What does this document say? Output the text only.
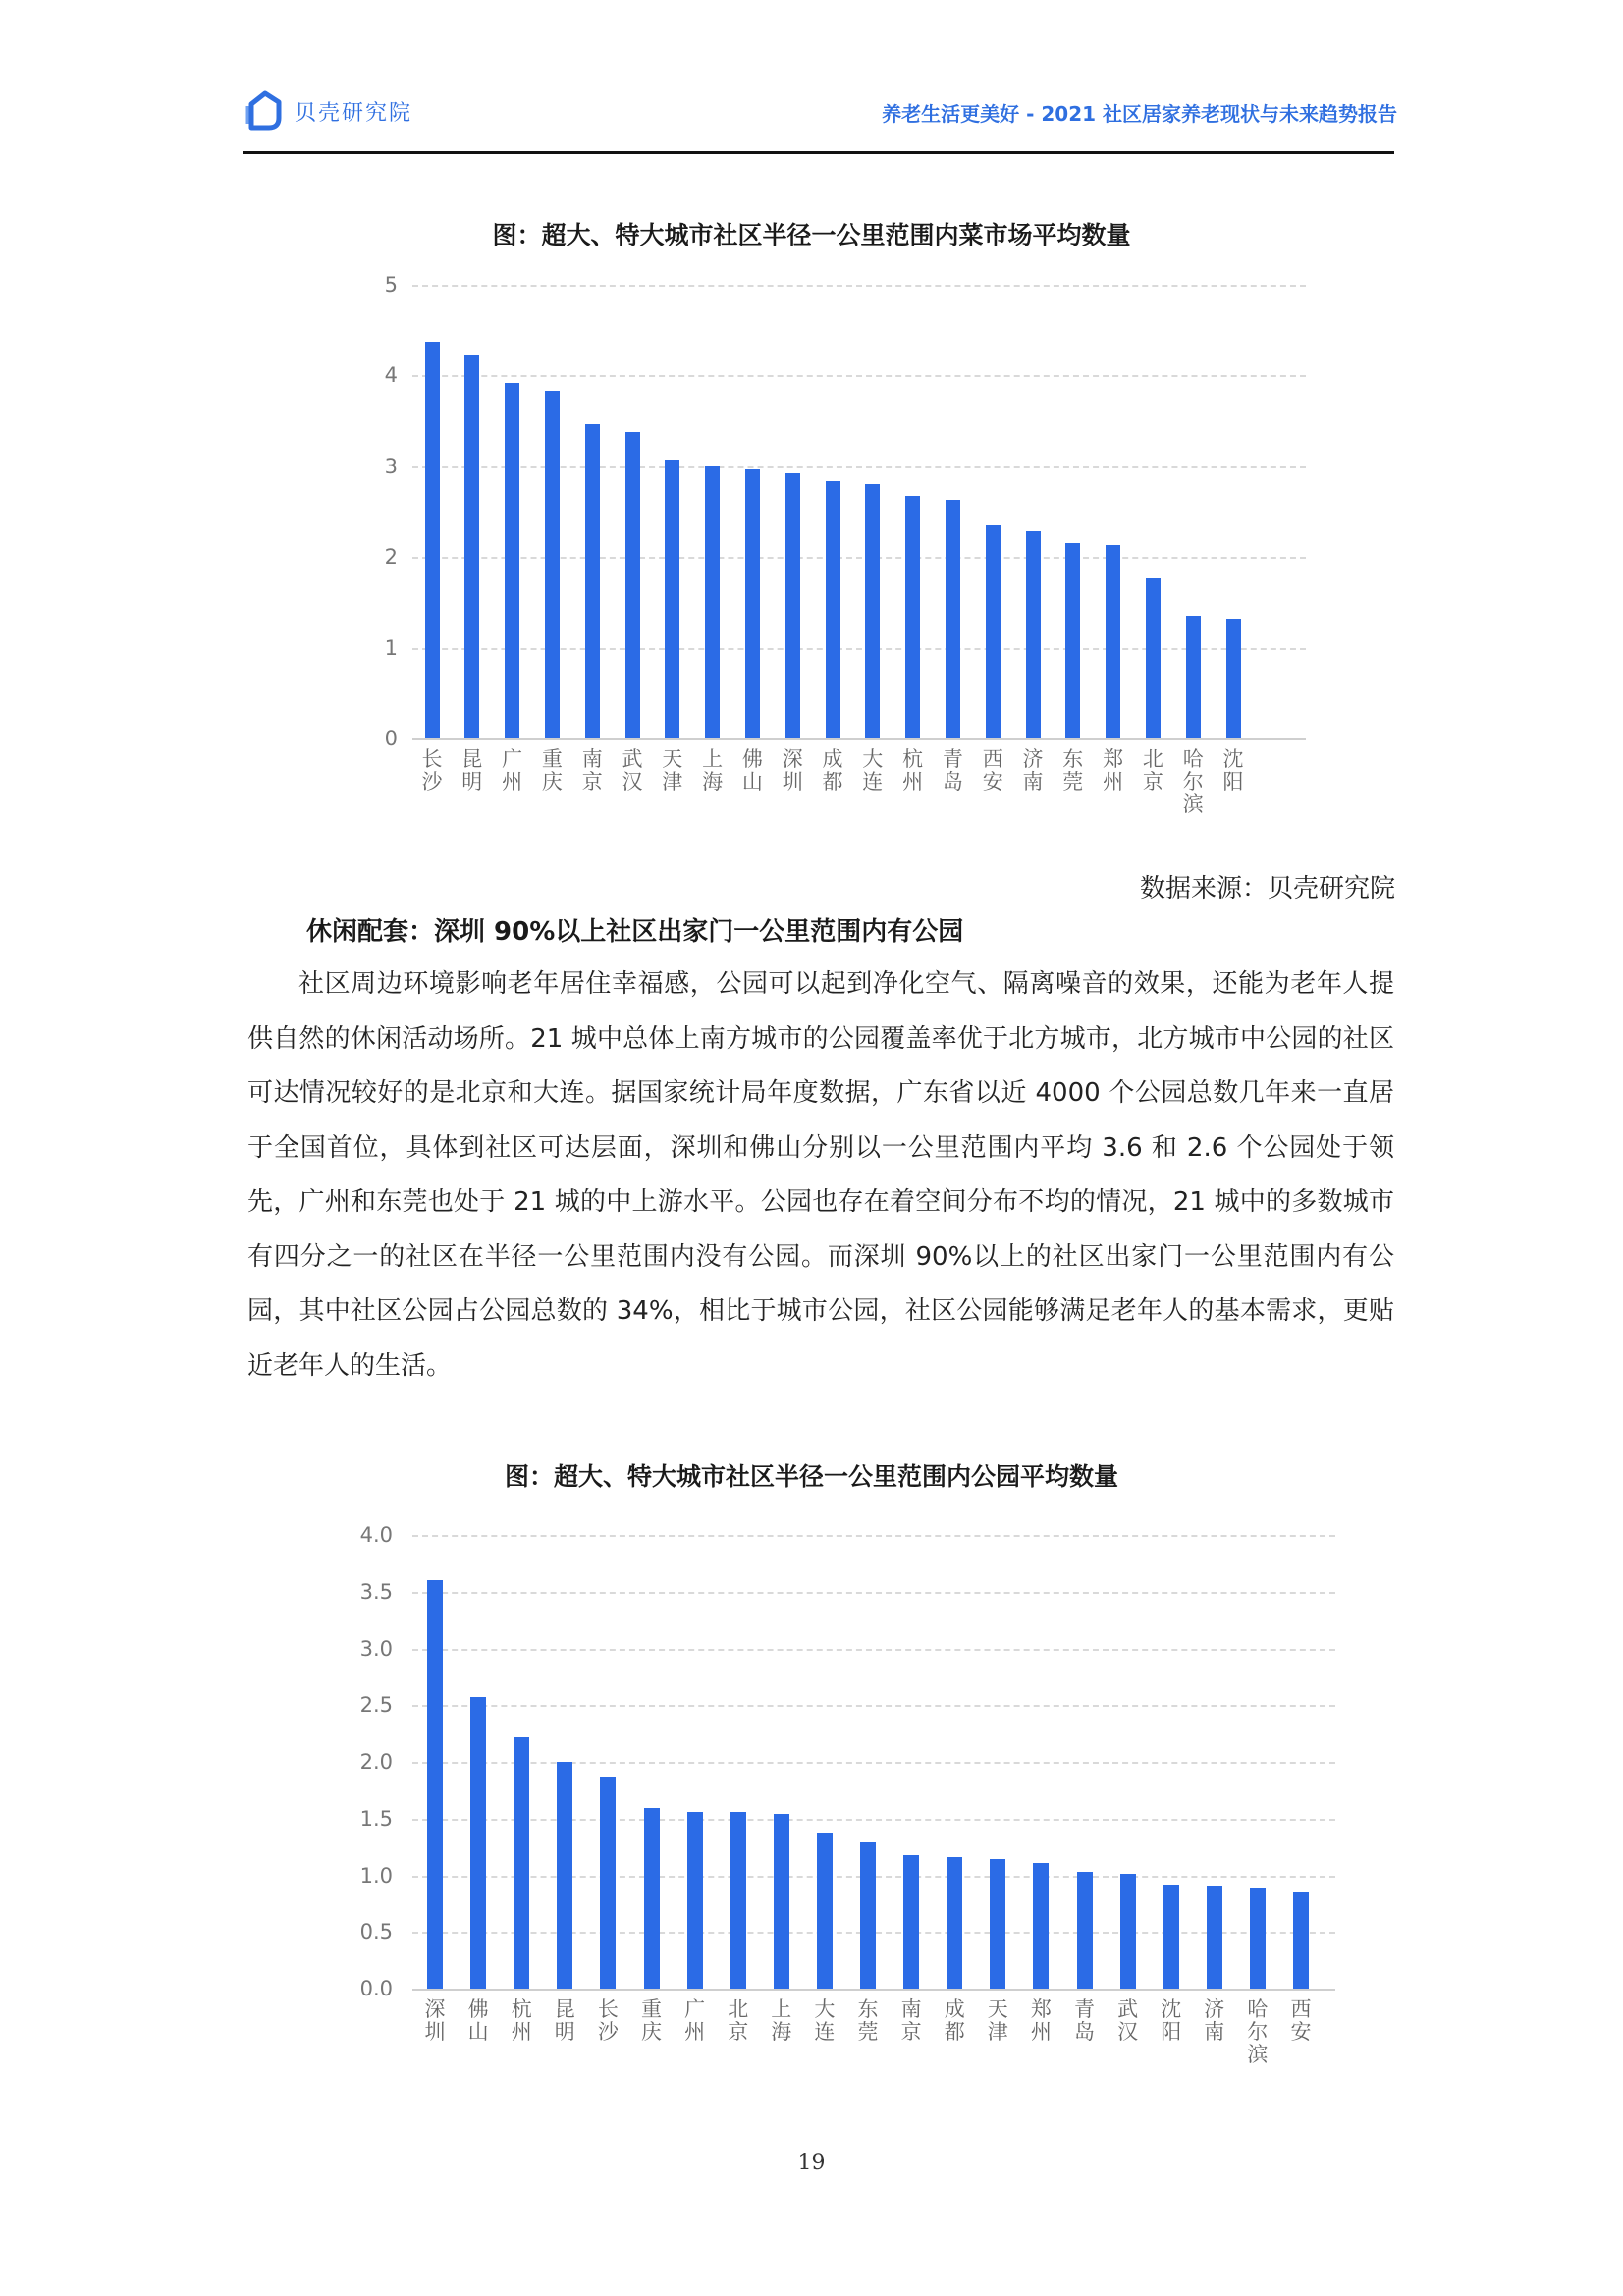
贝壳研究院	养老生活更美好 - 2021 社区居家养老现状与未来趋势报告
图：超大、特大城市社区半径一公里范围内菜市场平均数量
0
1
2
3
4
5
长沙
昆明
广州
重庆
南京
武汉
天津
上海
佛山
深圳
成都
大连
杭州
青岛
西安
济南
东莞
郑州
北京
哈尔滨
沈阳
数据来源：贝壳研究院
休闲配套：深圳 90%以上社区出家门一公里范围内有公园

社区周边环境影响老年居住幸福感，公园可以起到净化空气、隔离噪音的效果，还能为老年人提供自然的休闲活动场所。21 城中总体上南方城市的公园覆盖率优于北方城市，北方城市中公园的社区可达情况较好的是北京和大连。据国家统计局年度数据，广东省以近 4000 个公园总数几年来一直居于全国首位，具体到社区可达层面，深圳和佛山分别以一公里范围内平均 3.6 和 2.6 个公园处于领先，广州和东莞也处于 21 城的中上游水平。公园也存在着空间分布不均的情况，21 城中的多数城市有四分之一的社区在半径一公里范围内没有公园。而深圳 90%以上的社区出家门一公里范围内有公园，其中社区公园占公园总数的 34%，相比于城市公园，社区公园能够满足老年人的基本需求，更贴近老年人的生活。

图：超大、特大城市社区半径一公里范围内公园平均数量
0.0
0.5
1.0
1.5
2.0
2.5
3.0
3.5
4.0
深圳
佛山
杭州
昆明
长沙
重庆
广州
北京
上海
大连
东莞
南京
成都
天津
郑州
青岛
武汉
沈阳
济南
哈尔滨
西安
19
